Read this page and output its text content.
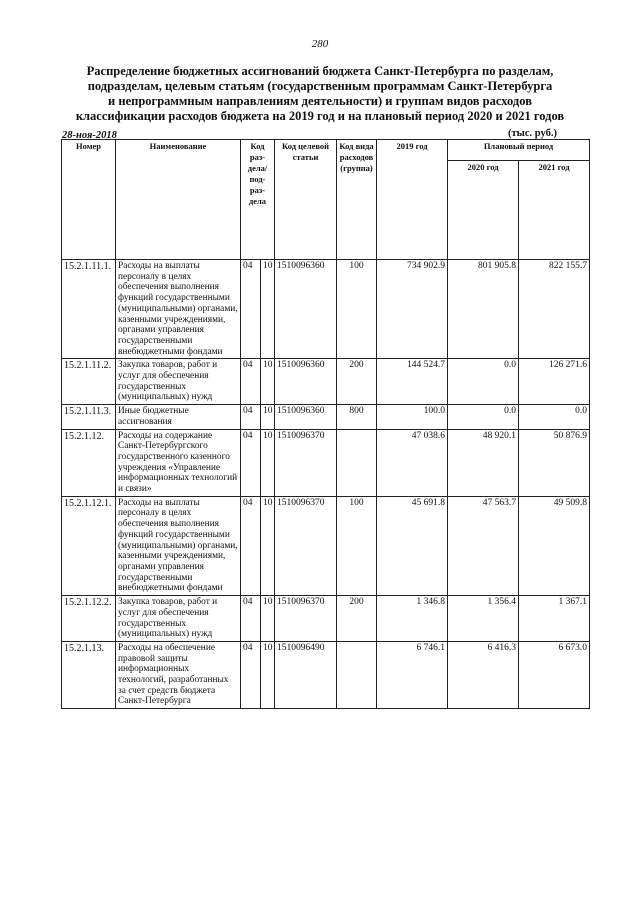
280
Распределение бюджетных ассигнований бюджета Санкт-Петербурга по разделам,
подразделам, целевым статьям (государственным программам Санкт-Петербурга
и непрограммным направлениям деятельности) и группам видов расходов
классификации расходов бюджета на 2019 год и на плановый период 2020 и 2021 годов
28-ноя-2018	(тыс. руб.)
Номер	Наименование	Код раз-дела/ под-раз-дела		Код целевой статьи	Код вида расходов (группа)	2019 год	Плановый период	
							2020 год	2021 год
15.2.1.11.1.	Расходы на выплаты персоналу в целях обеспечения выполнения функций государственными (муниципальными) органами, казенными учреждениями, органами управления государственными внебюджетными фондами	04	10	1510096360	100	734 902.9	801 905.8	822 155.7
15.2.1.11.2.	Закупка товаров, работ и услуг для обеспечения государственных (муниципальных) нужд	04	10	1510096360	200	144 524.7	0.0	126 271.6
15.2.1.11.3.	Иные бюджетные ассигнования	04	10	1510096360	800	100.0	0.0	0.0
15.2.1.12.	Расходы на содержание Санкт-Петербургского государственного казенного учреждения «Управление информационных технологий и связи»	04	10	1510096370		47 038.6	48 920.1	50 876.9
15.2.1.12.1.	Расходы на выплаты персоналу в целях обеспечения выполнения функций государственными (муниципальными) органами, казенными учреждениями, органами управления государственными внебюджетными фондами	04	10	1510096370	100	45 691.8	47 563.7	49 509.8
15.2.1.12.2.	Закупка товаров, работ и услуг для обеспечения государственных (муниципальных) нужд	04	10	1510096370	200	1 346.8	1 356.4	1 367.1
15.2.1.13.	Расходы на обеспечение правовой защиты информационных технологий, разработанных за счет средств бюджета Санкт-Петербурга	04	10	1510096490		6 746.1	6 416.3	6 673.0
